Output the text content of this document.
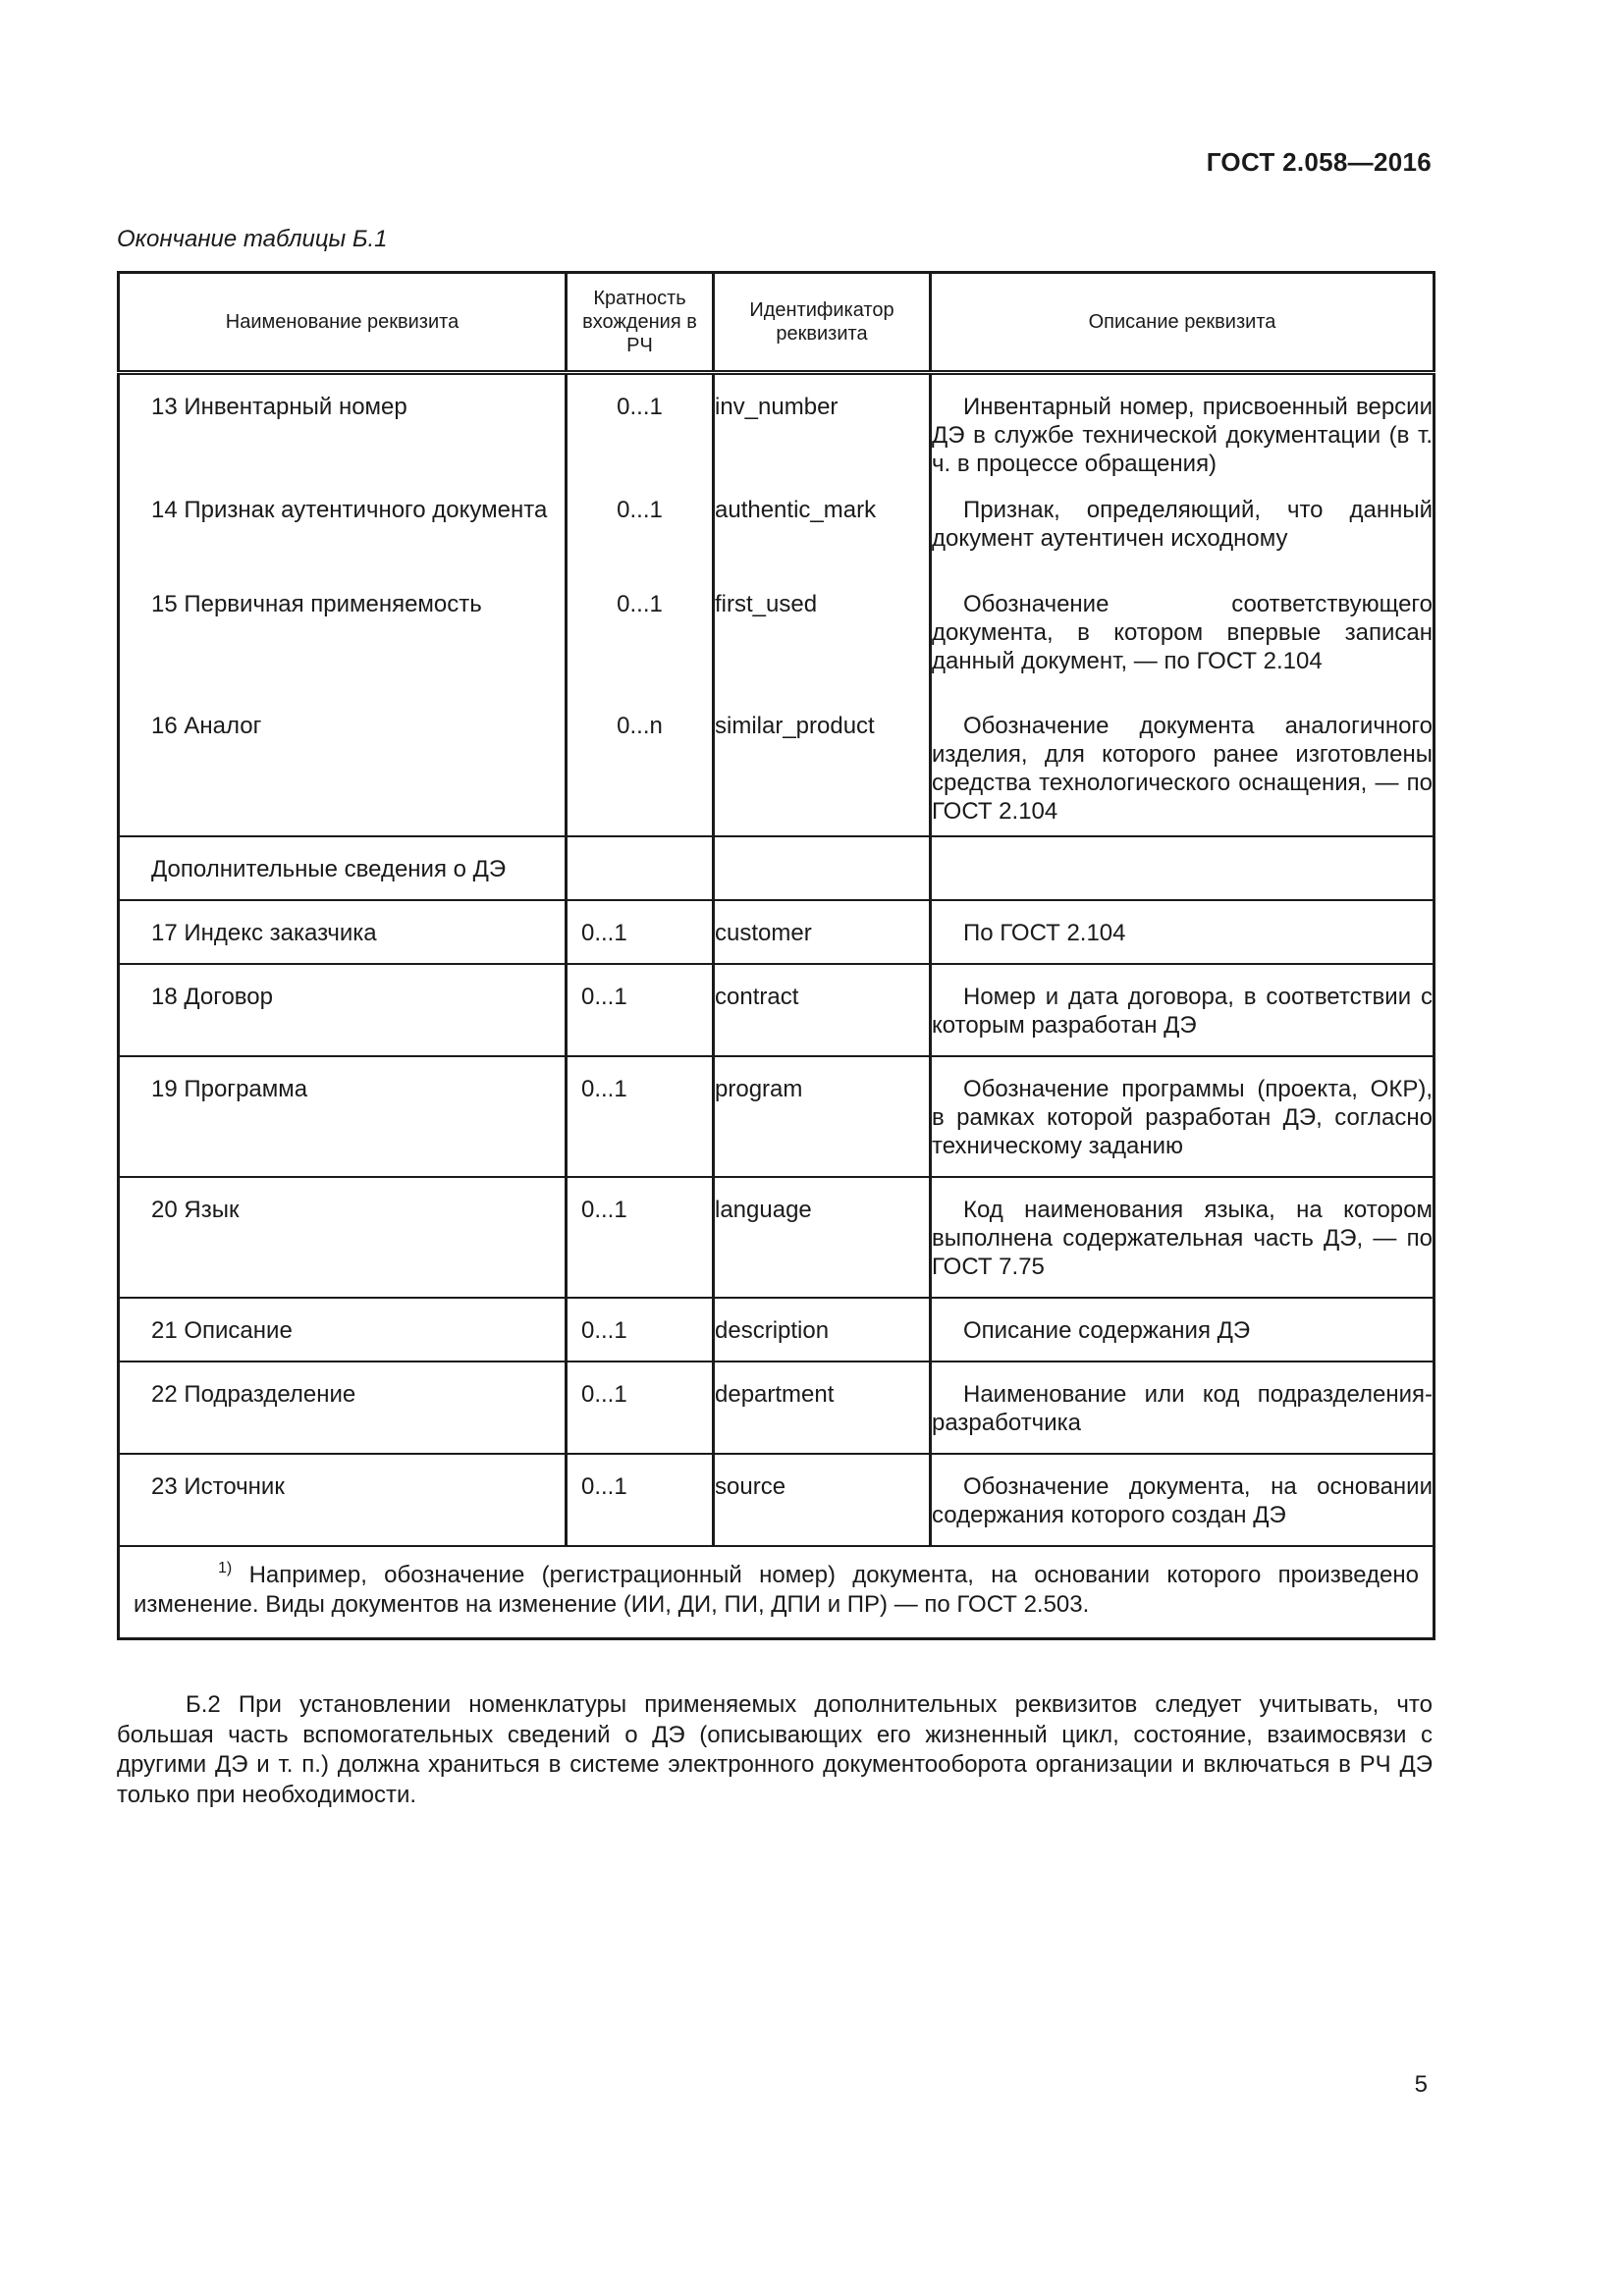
ГОСТ 2.058—2016
Окончание таблицы Б.1
Наименование реквизита	Кратность вхождения в РЧ	Идентификатор реквизита	Описание реквизита

13 Инвентарный номер	0...1	inv_number	Инвентарный номер, присвоенный версии ДЭ в службе технической документации (в т. ч. в процессе обращения)

14 Признак аутентичного документа	0...1	authentic_mark	Признак, определяющий, что данный документ аутентичен исходному

15 Первичная применяемость	0...1	first_used	Обозначение соответствующего документа, в котором впервые записан данный документ, — по ГОСТ 2.104

16 Аналог	0...n	similar_product	Обозначение документа аналогичного изделия, для которого ранее изготовлены средства технологического оснащения, — по ГОСТ 2.104

Дополнительные сведения о ДЭ			

17 Индекс заказчика	0...1	customer	По ГОСТ 2.104

18 Договор	0...1	contract	Номер и дата договора, в соответствии с которым разработан ДЭ

19 Программа	0...1	program	Обозначение программы (проекта, ОКР), в рамках которой разработан ДЭ, согласно техническому заданию

20 Язык	0...1	language	Код наименования языка, на котором выполнена содержательная часть ДЭ, — по ГОСТ 7.75

21 Описание	0...1	description	Описание содержания ДЭ

22 Подразделение	0...1	department	Наименование или код подразделения-разработчика

23 Источник	0...1	source	Обозначение документа, на основании содержания которого создан ДЭ

$^{1)}$ Например, обозначение (регистрационный номер) документа, на основании которого произведено изменение. Виды документов на изменение (ИИ, ДИ, ПИ, ДПИ и ПР) — по ГОСТ 2.503.			
Б.2 При установлении номенклатуры применяемых дополнительных реквизитов следует учитывать, что большая часть вспомогательных сведений о ДЭ (описывающих его жизненный цикл, состояние, взаимосвязи с другими ДЭ и т. п.) должна храниться в системе электронного документооборота организации и включаться в РЧ ДЭ только при необходимости.
5
